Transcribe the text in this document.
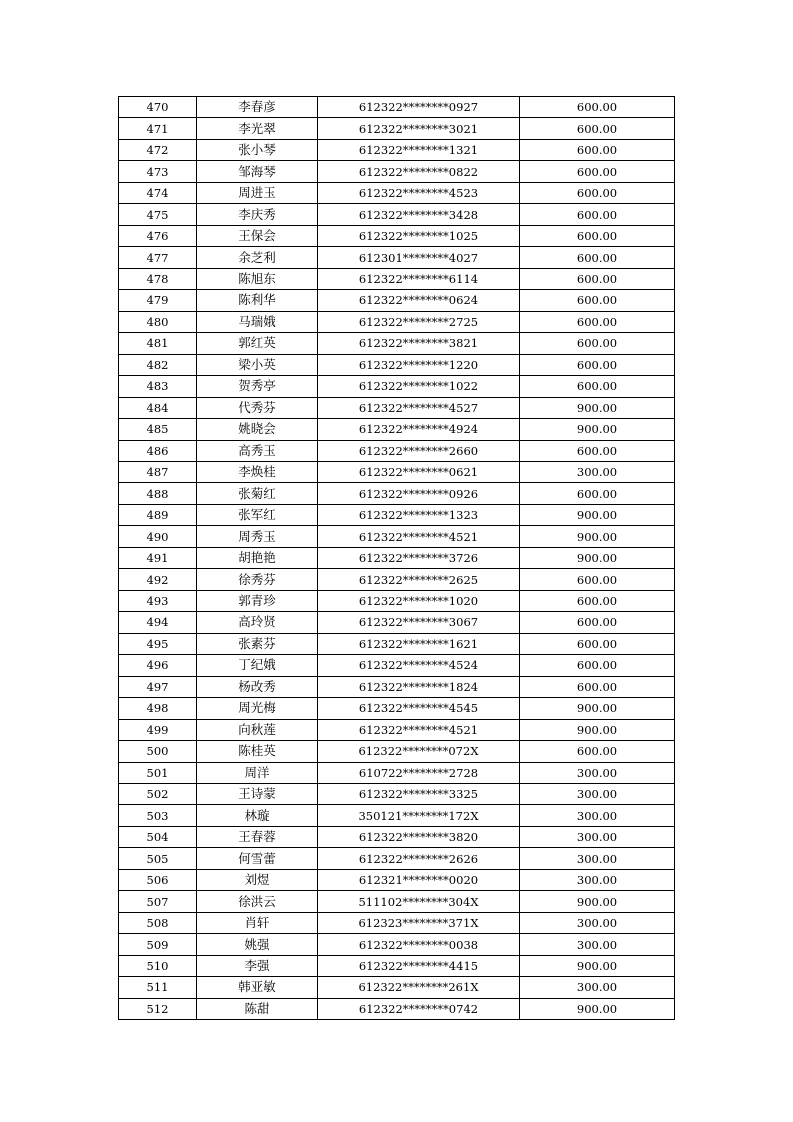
470	李春彦	612322********0927	600.00
471	李光翠	612322********3021	600.00
472	张小琴	612322********1321	600.00
473	邹海琴	612322********0822	600.00
474	周进玉	612322********4523	600.00
475	李庆秀	612322********3428	600.00
476	王保会	612322********1025	600.00
477	余芝利	612301********4027	600.00
478	陈旭东	612322********6114	600.00
479	陈利华	612322********0624	600.00
480	马瑞娥	612322********2725	600.00
481	郭红英	612322********3821	600.00
482	梁小英	612322********1220	600.00
483	贺秀亭	612322********1022	600.00
484	代秀芬	612322********4527	900.00
485	姚晓会	612322********4924	900.00
486	高秀玉	612322********2660	600.00
487	李焕桂	612322********0621	300.00
488	张菊红	612322********0926	600.00
489	张军红	612322********1323	900.00
490	周秀玉	612322********4521	900.00
491	胡艳艳	612322********3726	900.00
492	徐秀芬	612322********2625	600.00
493	郭青珍	612322********1020	600.00
494	高玲贤	612322********3067	600.00
495	张素芬	612322********1621	600.00
496	丁纪娥	612322********4524	600.00
497	杨改秀	612322********1824	600.00
498	周光梅	612322********4545	900.00
499	向秋莲	612322********4521	900.00
500	陈桂英	612322********072X	600.00
501	周洋	610722********2728	300.00
502	王诗蒙	612322********3325	300.00
503	林璇	350121********172X	300.00
504	王春蓉	612322********3820	300.00
505	何雪蕾	612322********2626	300.00
506	刘煜	612321********0020	300.00
507	徐洪云	511102********304X	900.00
508	肖轩	612323********371X	300.00
509	姚强	612322********0038	300.00
510	李强	612322********4415	900.00
511	韩亚敏	612322********261X	300.00
512	陈甜	612322********0742	900.00
